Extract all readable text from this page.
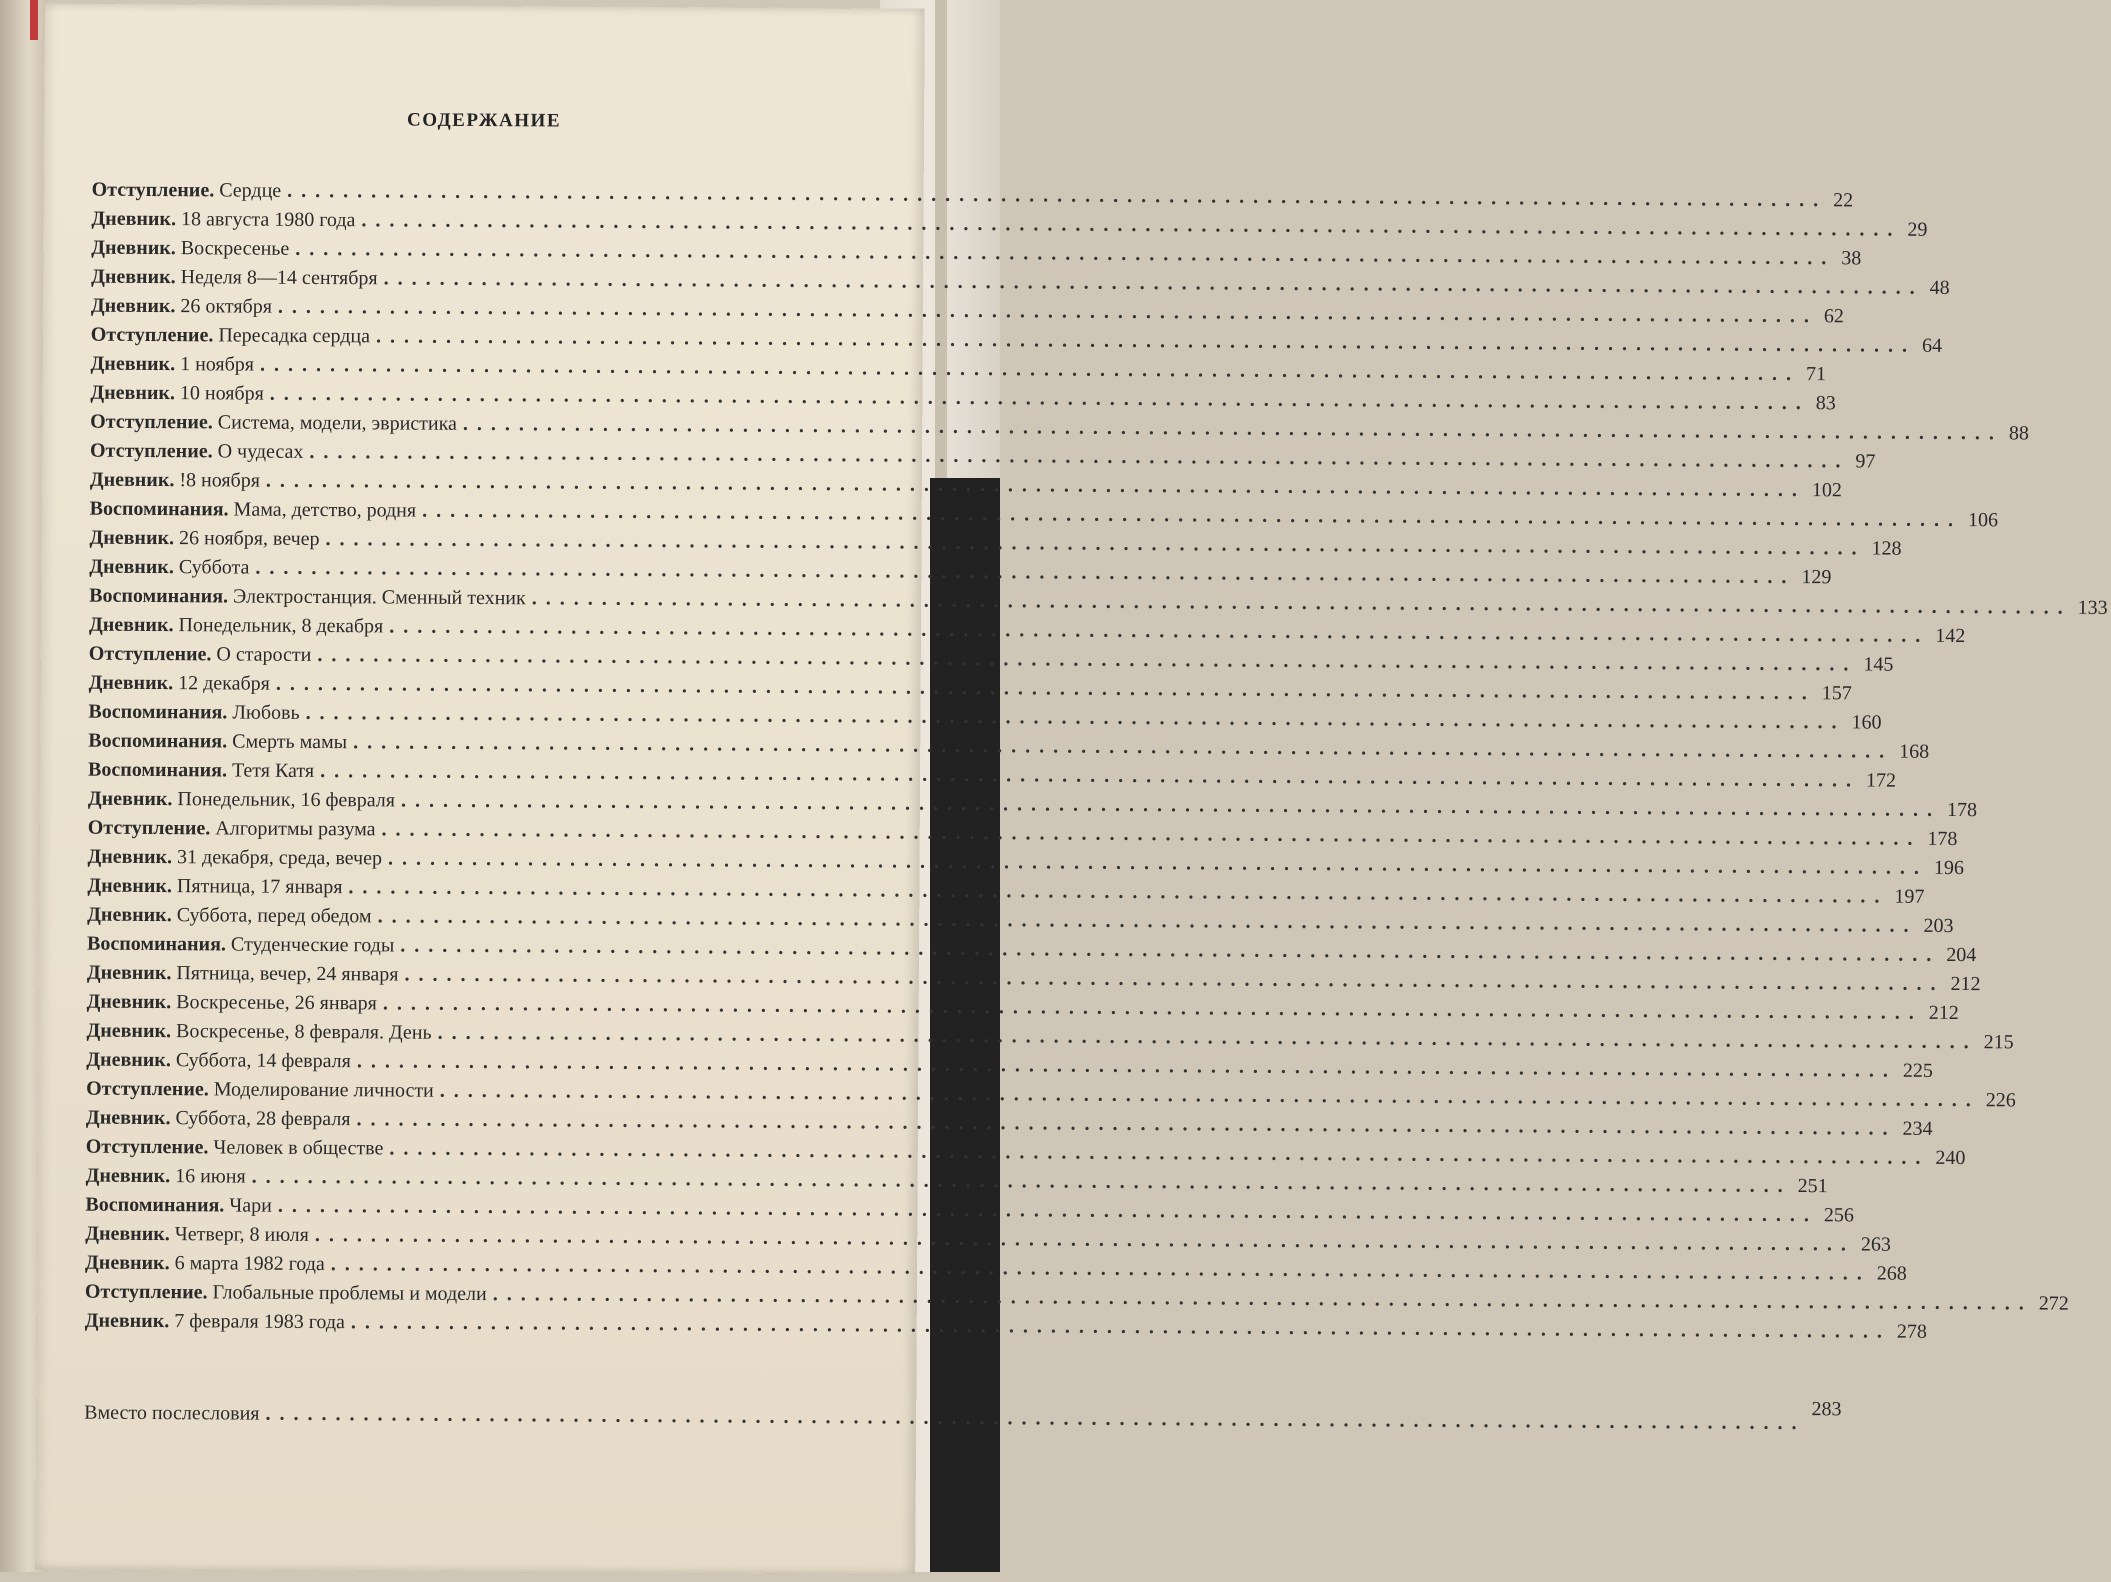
СОДЕРЖАНИЕ
Отступление. Сердце .............................................................................................................. 22
Дневник. 18 августа 1980 года .............................................................................................................. 29
Дневник. Воскресенье .............................................................................................................. 38
Дневник. Неделя 8—14 сентября .............................................................................................................. 48
Дневник. 26 октября .............................................................................................................. 62
Отступление. Пересадка сердца .............................................................................................................. 64
Дневник. 1 ноября .............................................................................................................. 71
Дневник. 10 ноября .............................................................................................................. 83
Отступление. Система, модели, эвристика .............................................................................................................. 88
Отступление. О чудесах .............................................................................................................. 97
Дневник. !8 ноября .............................................................................................................. 102
Воспоминания. Мама, детство, родня .............................................................................................................. 106
Дневник. 26 ноября, вечер .............................................................................................................. 128
Дневник. Суббота .............................................................................................................. 129
Воспоминания. Электростанция. Сменный техник .............................................................................................................. 133
Дневник. Понедельник, 8 декабря .............................................................................................................. 142
Отступление. О старости .............................................................................................................. 145
Дневник. 12 декабря .............................................................................................................. 157
Воспоминания. Любовь .............................................................................................................. 160
Воспоминания. Смерть мамы .............................................................................................................. 168
Воспоминания. Тетя Катя .............................................................................................................. 172
Дневник. Понедельник, 16 февраля .............................................................................................................. 178
Отступление. Алгоритмы разума .............................................................................................................. 178
Дневник. 31 декабря, среда, вечер .............................................................................................................. 196
Дневник. Пятница, 17 января .............................................................................................................. 197
Дневник. Суббота, перед обедом .............................................................................................................. 203
Воспоминания. Студенческие годы .............................................................................................................. 204
Дневник. Пятница, вечер, 24 января .............................................................................................................. 212
Дневник. Воскресенье, 26 января .............................................................................................................. 212
Дневник. Воскресенье, 8 февраля. День .............................................................................................................. 215
Дневник. Суббота, 14 февраля .............................................................................................................. 225
Отступление. Моделирование личности .............................................................................................................. 226
Дневник. Суббота, 28 февраля .............................................................................................................. 234
Отступление. Человек в обществе .............................................................................................................. 240
Дневник. 16 июня .............................................................................................................. 251
Воспоминания. Чари .............................................................................................................. 256
Дневник. Четверг, 8 июля .............................................................................................................. 263
Дневник. 6 марта 1982 года .............................................................................................................. 268
Отступление. Глобальные проблемы и модели .............................................................................................................. 272
Дневник. 7 февраля 1983 года .............................................................................................................. 278
Вместо послесловия .............................................................................................................. 283
